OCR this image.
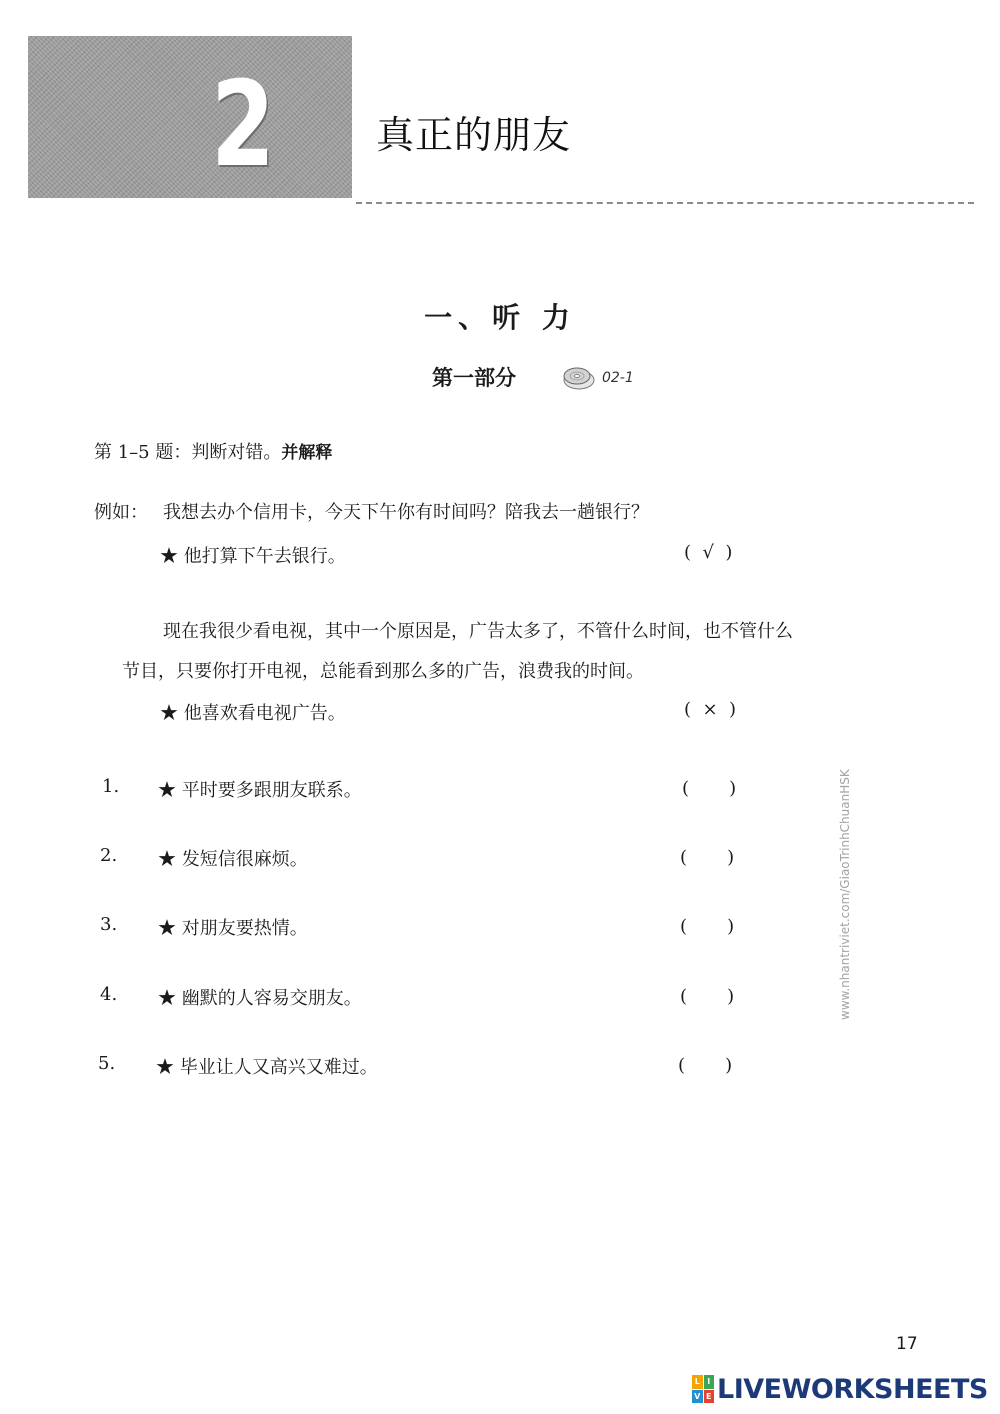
2	真正的朋友
一、听 力
第一部分	02-1
第 1–5 题：判断对错。并解释
例如： 我想去办个信用卡，今天下午你有时间吗？陪我去一趟银行？
★ 他打算下午去银行。	(  √  )
现在我很少看电视，其中一个原因是，广告太多了，不管什么时间，也不管什么
节目，只要你打开电视，总能看到那么多的广告，浪费我的时间。
★ 他喜欢看电视广告。	(  ×  )
1. ★ 平时要多跟朋友联系。	(       )
2. ★ 发短信很麻烦。	(       )
3. ★ 对朋友要热情。	(       )
4. ★ 幽默的人容易交朋友。	(       )
5. ★ 毕业让人又高兴又难过。	(       )
www.nhantriviet.com/GiaoTrinhChuanHSK
17
L I
V E LIVEWORKSHEETS
